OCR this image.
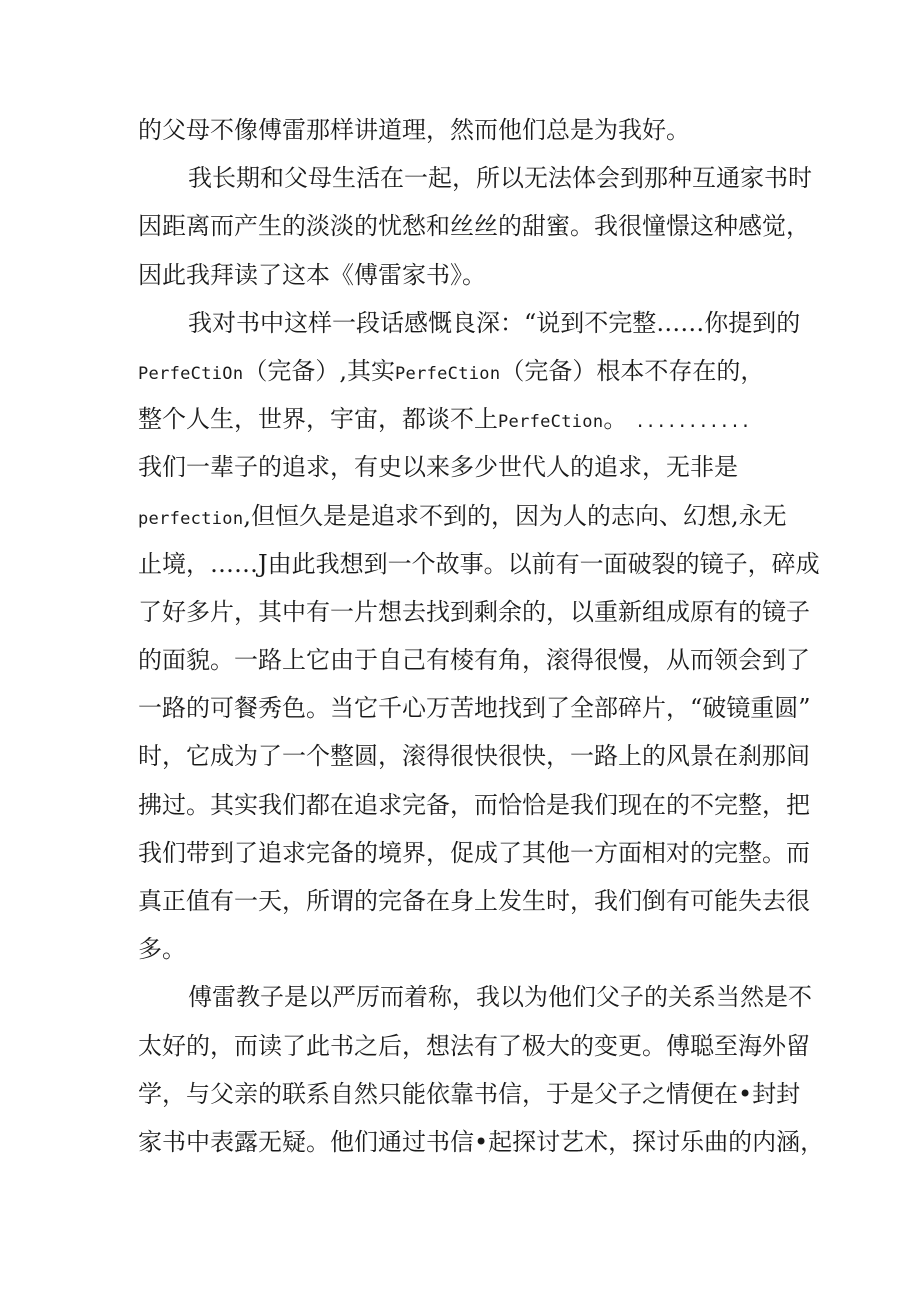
的父母不像傅雷那样讲道理，然而他们总是为我好。
我长期和父母生活在一起，所以无法体会到那种互通家书时
因距离而产生的淡淡的忧愁和丝丝的甜蜜。我很憧憬这种感觉，
因此我拜读了这本《傅雷家书》。
我对书中这样一段话感慨良深：“说到不完整……你提到的
PerfeCtiOn（完备）,其实PerfeCtion（完备）根本不存在的，
整个人生，世界，宇宙，都谈不上PerfeCtion。 ...........
我们一辈子的追求，有史以来多少世代人的追求，无非是
perfection,但恒久是是追求不到的，因为人的志向、幻想,永无
止境，……J由此我想到一个故事。以前有一面破裂的镜子，碎成
了好多片，其中有一片想去找到剩余的，以重新组成原有的镜子
的面貌。一路上它由于自己有棱有角，滚得很慢，从而领会到了
一路的可餐秀色。当它千心万苦地找到了全部碎片，“破镜重圆”
时，它成为了一个整圆，滚得很快很快，一路上的风景在刹那间
拂过。其实我们都在追求完备，而恰恰是我们现在的不完整，把
我们带到了追求完备的境界，促成了其他一方面相对的完整。而
真正值有一天，所谓的完备在身上发生时，我们倒有可能失去很
多。
傅雷教子是以严厉而着称，我以为他们父子的关系当然是不
太好的，而读了此书之后，想法有了极大的变更。傅聪至海外留
学，与父亲的联系自然只能依靠书信，于是父子之情便在•封封
家书中表露无疑。他们通过书信•起探讨艺术，探讨乐曲的内涵，
